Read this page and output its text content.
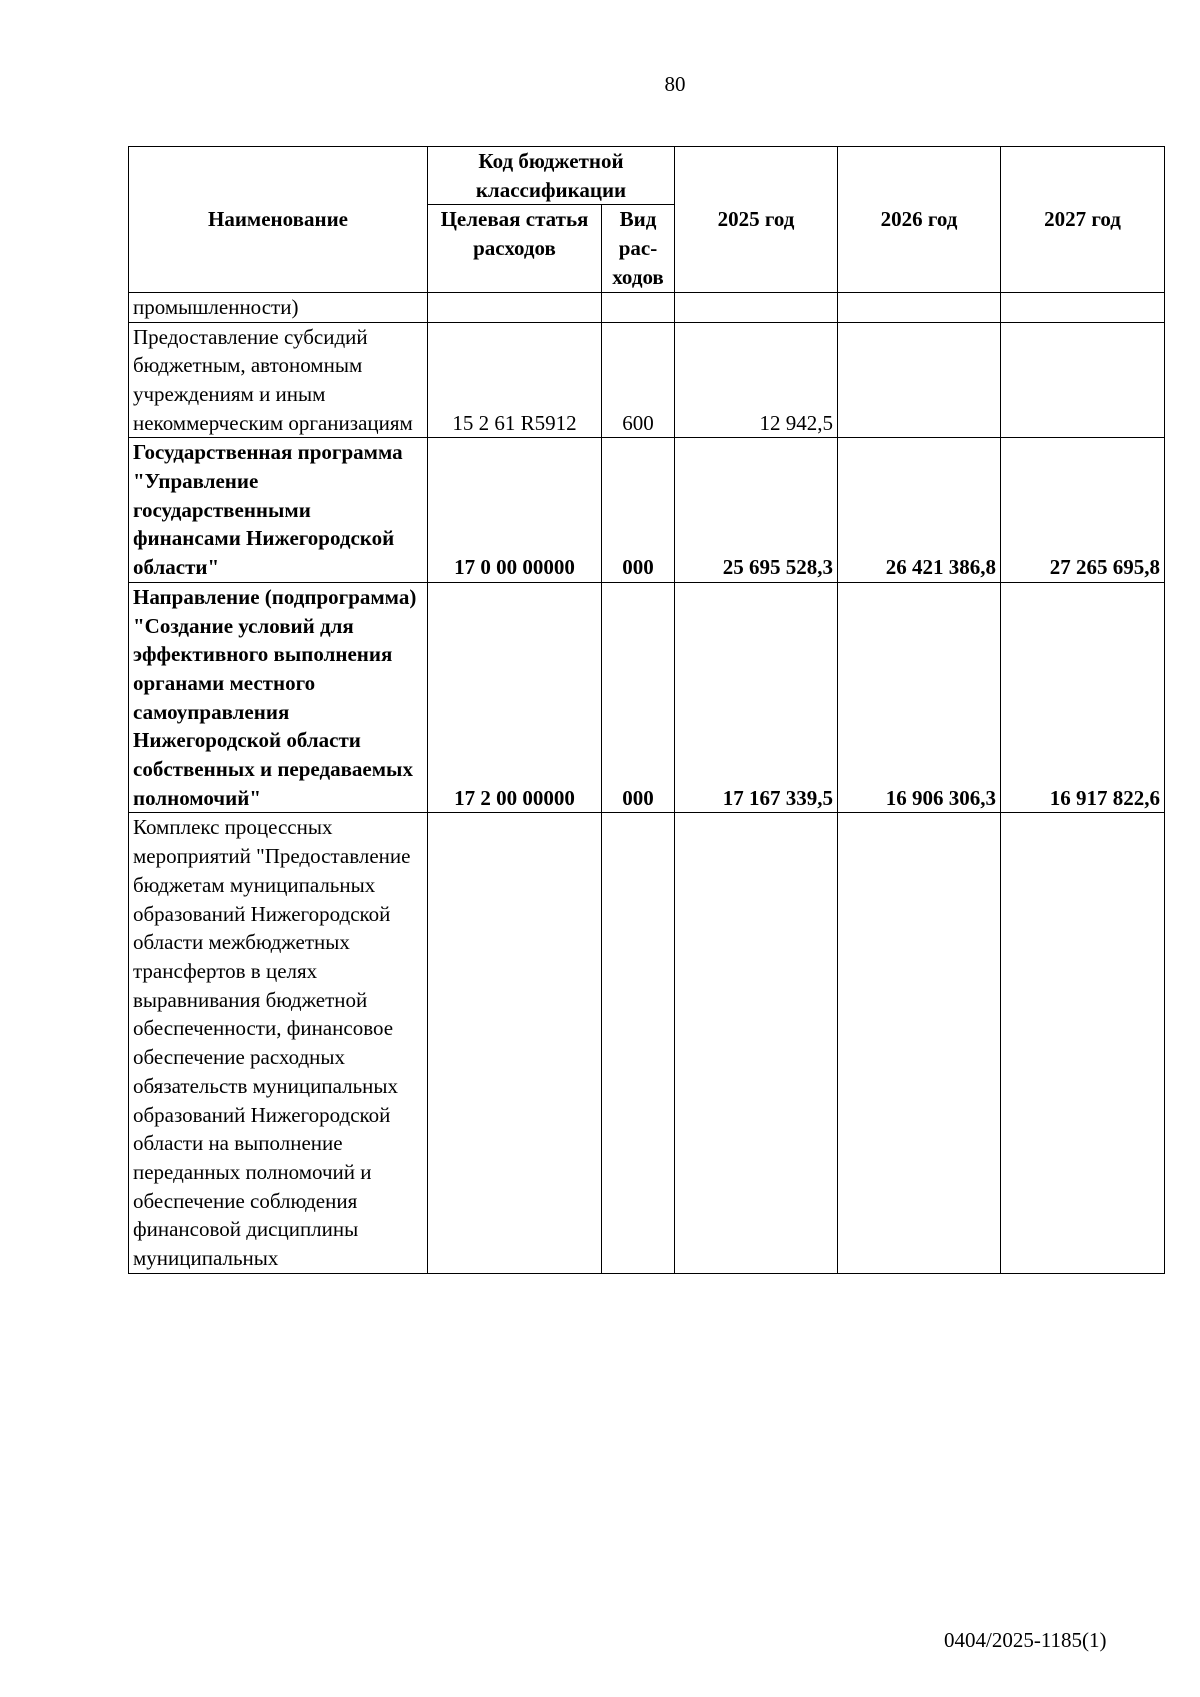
80
Наименование	Код бюджетной классификации		2025 год	2026 год	2027 год
	Целевая статья расходов	Вид рас-ходов			
промышленности)					
Предоставление субсидий бюджетным, автономным учреждениям и иным некоммерческим организациям	15 2 61 R5912	600	12 942,5		
Государственная программа "Управление государственными финансами Нижегородской области"	17 0 00 00000	000	25 695 528,3	26 421 386,8	27 265 695,8
Направление (подпрограмма) "Создание условий для эффективного выполнения органами местного самоуправления Нижегородской области собственных и передаваемых полномочий"	17 2 00 00000	000	17 167 339,5	16 906 306,3	16 917 822,6
Комплекс процессных мероприятий "Предоставление бюджетам муниципальных образований Нижегородской области межбюджетных трансфертов в целях выравнивания бюджетной обеспеченности, финансовое обеспечение расходных обязательств муниципальных образований Нижегородской области на выполнение переданных полномочий и обеспечение соблюдения финансовой дисциплины муниципальных					
0404/2025-1185(1)
